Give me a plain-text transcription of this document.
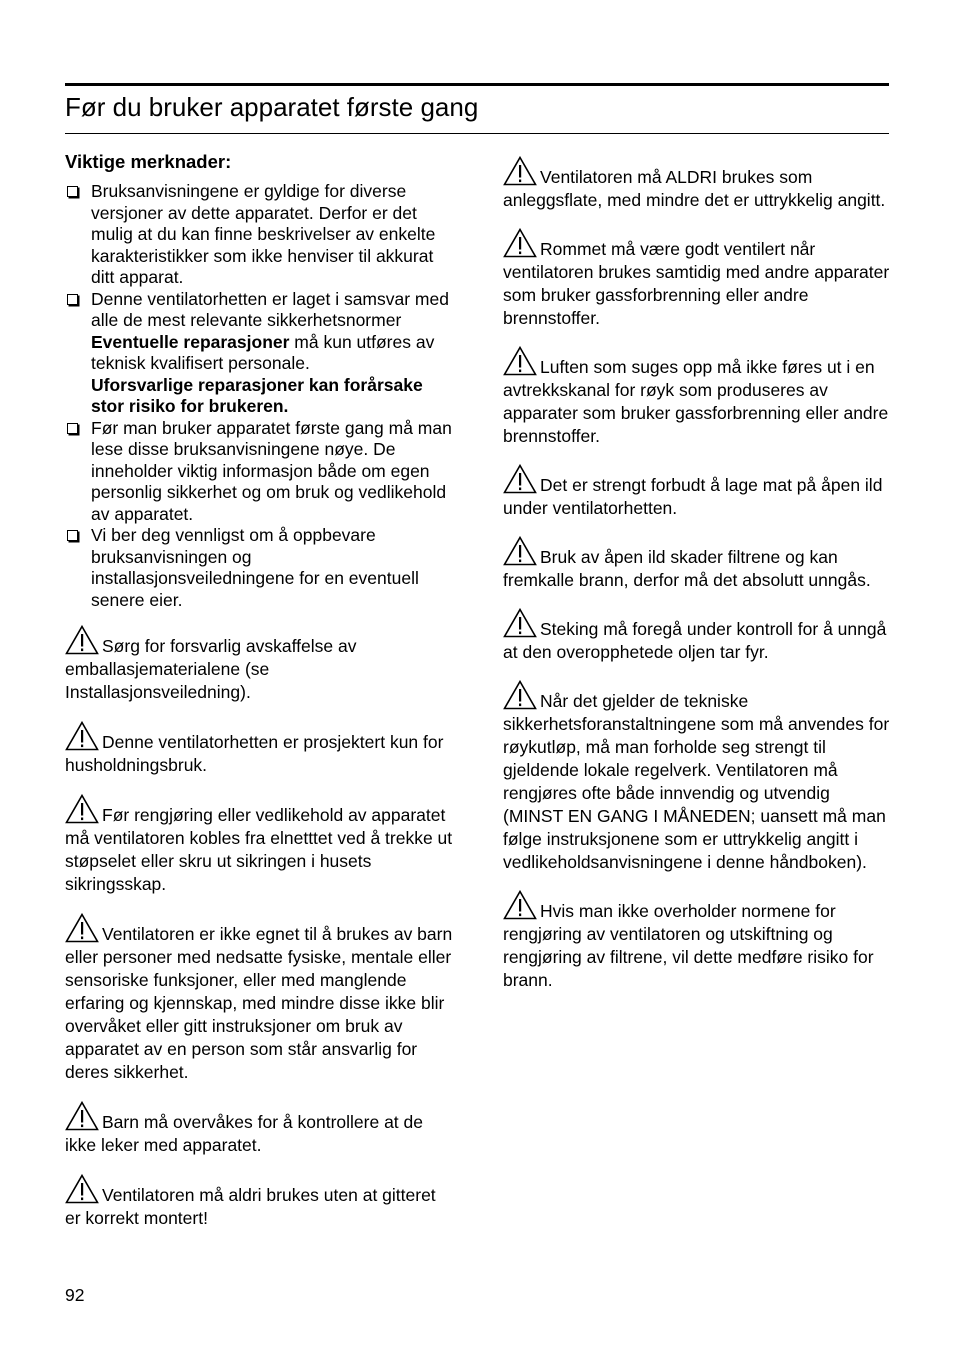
Før du bruker apparatet første gang
Viktige merknader:
Bruksanvisningene er gyldige for diverse versjoner av dette apparatet. Derfor er det mulig at du kan finne beskrivelser av enkelte karakteristikker som ikke henviser til akkurat ditt apparat.
Denne ventilatorhetten er laget i samsvar med alle de mest relevante sikkerhetsnormer
Eventuelle reparasjoner må kun utføres av teknisk kvalifisert personale.
Uforsvarlige reparasjoner kan forårsake stor risiko for brukeren.
Før man bruker apparatet første gang må man lese disse bruksanvisningene nøye. De inneholder viktig informasjon både om egen personlig sikkerhet og om bruk og vedlikehold av apparatet.
Vi ber deg vennligst om å oppbevare bruksanvisningen og installasjonsveiledningene for en eventuell senere eier.
Sørg for forsvarlig avskaffelse av emballasjematerialene (se Installasjonsveiledning).
Denne ventilatorhetten er prosjektert kun for husholdningsbruk.
Før rengjøring eller vedlikehold av apparatet må ventilatoren kobles fra elnetttet ved å trekke ut støpselet eller skru ut sikringen i husets sikringsskap.
Ventilatoren er ikke egnet til å brukes av barn eller personer med nedsatte fysiske, mentale eller sensoriske funksjoner, eller med manglende erfaring og kjennskap, med mindre disse ikke blir overvåket eller gitt instruksjoner om bruk av apparatet av en person som står ansvarlig for deres sikkerhet.
Barn må overvåkes for å kontrollere at de ikke leker med apparatet.
Ventilatoren må aldri brukes uten at gitteret er korrekt montert!
Ventilatoren må ALDRI brukes som anleggsflate, med mindre det er uttrykkelig angitt.
Rommet må være godt ventilert når ventilatoren brukes samtidig med andre apparater som bruker gassforbrenning eller andre brennstoffer.
Luften som suges opp må ikke føres ut i en avtrekkskanal for røyk som produseres av apparater som bruker gassforbrenning eller andre brennstoffer.
Det er strengt forbudt å lage mat på åpen ild under ventilatorhetten.
Bruk av åpen ild skader filtrene og kan fremkalle brann, derfor må det absolutt unngås.
Steking må foregå under kontroll for å unngå at den overopphetede oljen tar fyr.
Når det gjelder de tekniske sikkerhetsforanstaltningene som må anvendes for røykutløp, må man forholde seg strengt til gjeldende lokale regelverk. Ventilatoren må rengjøres ofte både innvendig og utvendig (MINST EN GANG I MÅNEDEN; uansett må man følge instruksjonene som er uttrykkelig angitt i vedlikeholdsanvisningene i denne håndboken).
Hvis man ikke overholder normene for rengjøring av ventilatoren og utskiftning og rengjøring av filtrene, vil dette medføre risiko for brann.
92
